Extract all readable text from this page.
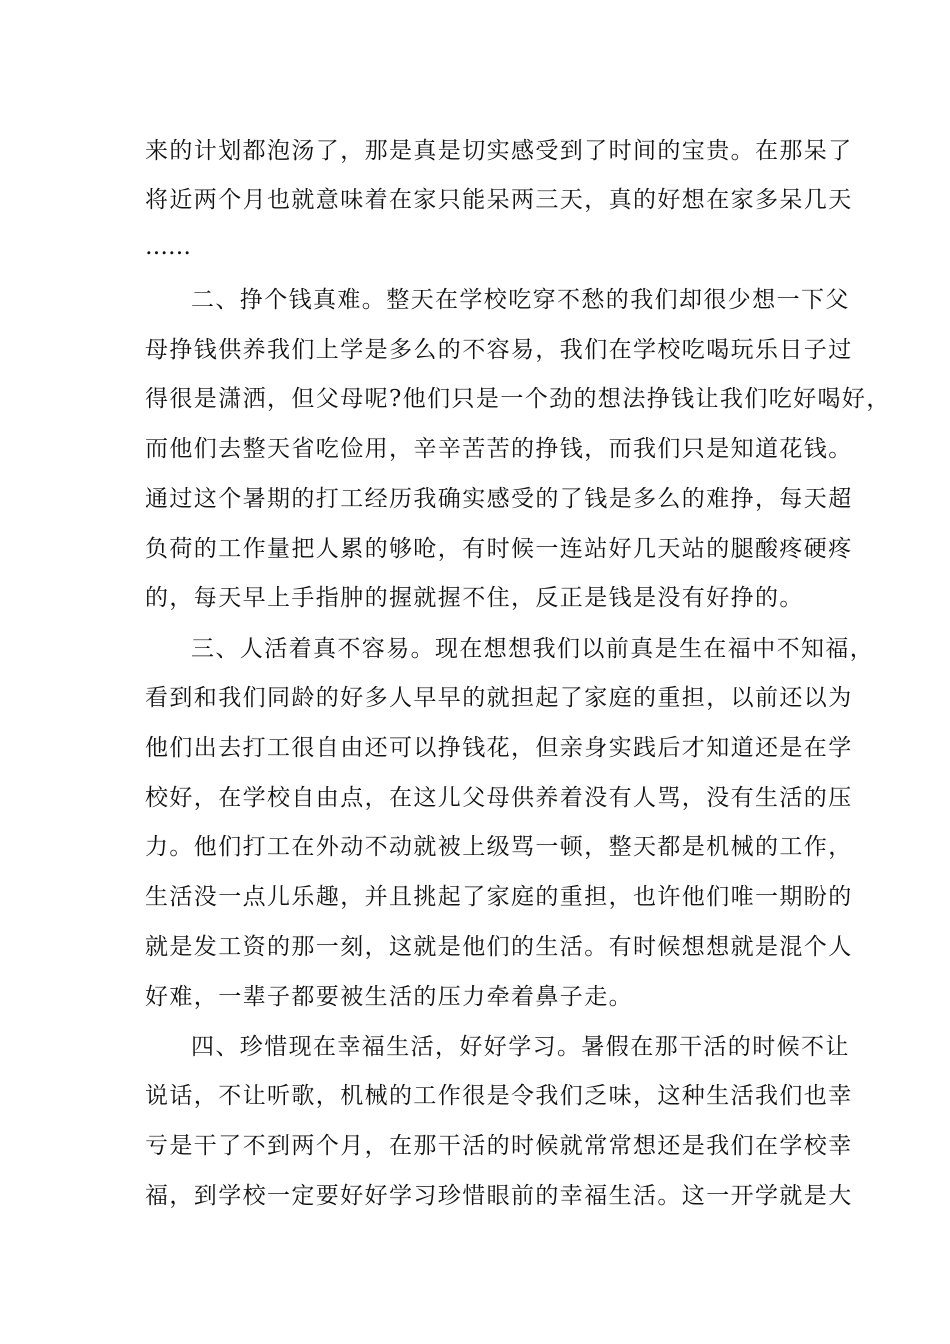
来的计划都泡汤了，那是真是切实感受到了时间的宝贵。在那呆了
将近两个月也就意味着在家只能呆两三天，真的好想在家多呆几天
……
二、挣个钱真难。整天在学校吃穿不愁的我们却很少想一下父
母挣钱供养我们上学是多么的不容易，我们在学校吃喝玩乐日子过
得很是潇洒，但父母呢?他们只是一个劲的想法挣钱让我们吃好喝好，
而他们去整天省吃俭用，辛辛苦苦的挣钱，而我们只是知道花钱。
通过这个暑期的打工经历我确实感受的了钱是多么的难挣，每天超
负荷的工作量把人累的够呛，有时候一连站好几天站的腿酸疼硬疼
的，每天早上手指肿的握就握不住，反正是钱是没有好挣的。
三、人活着真不容易。现在想想我们以前真是生在福中不知福，
看到和我们同龄的好多人早早的就担起了家庭的重担，以前还以为
他们出去打工很自由还可以挣钱花，但亲身实践后才知道还是在学
校好，在学校自由点，在这儿父母供养着没有人骂，没有生活的压
力。他们打工在外动不动就被上级骂一顿，整天都是机械的工作，
生活没一点儿乐趣，并且挑起了家庭的重担，也许他们唯一期盼的
就是发工资的那一刻，这就是他们的生活。有时候想想就是混个人
好难，一辈子都要被生活的压力牵着鼻子走。
四、珍惜现在幸福生活，好好学习。暑假在那干活的时候不让
说话，不让听歌，机械的工作很是令我们乏味，这种生活我们也幸
亏是干了不到两个月，在那干活的时候就常常想还是我们在学校幸
福，到学校一定要好好学习珍惜眼前的幸福生活。这一开学就是大
